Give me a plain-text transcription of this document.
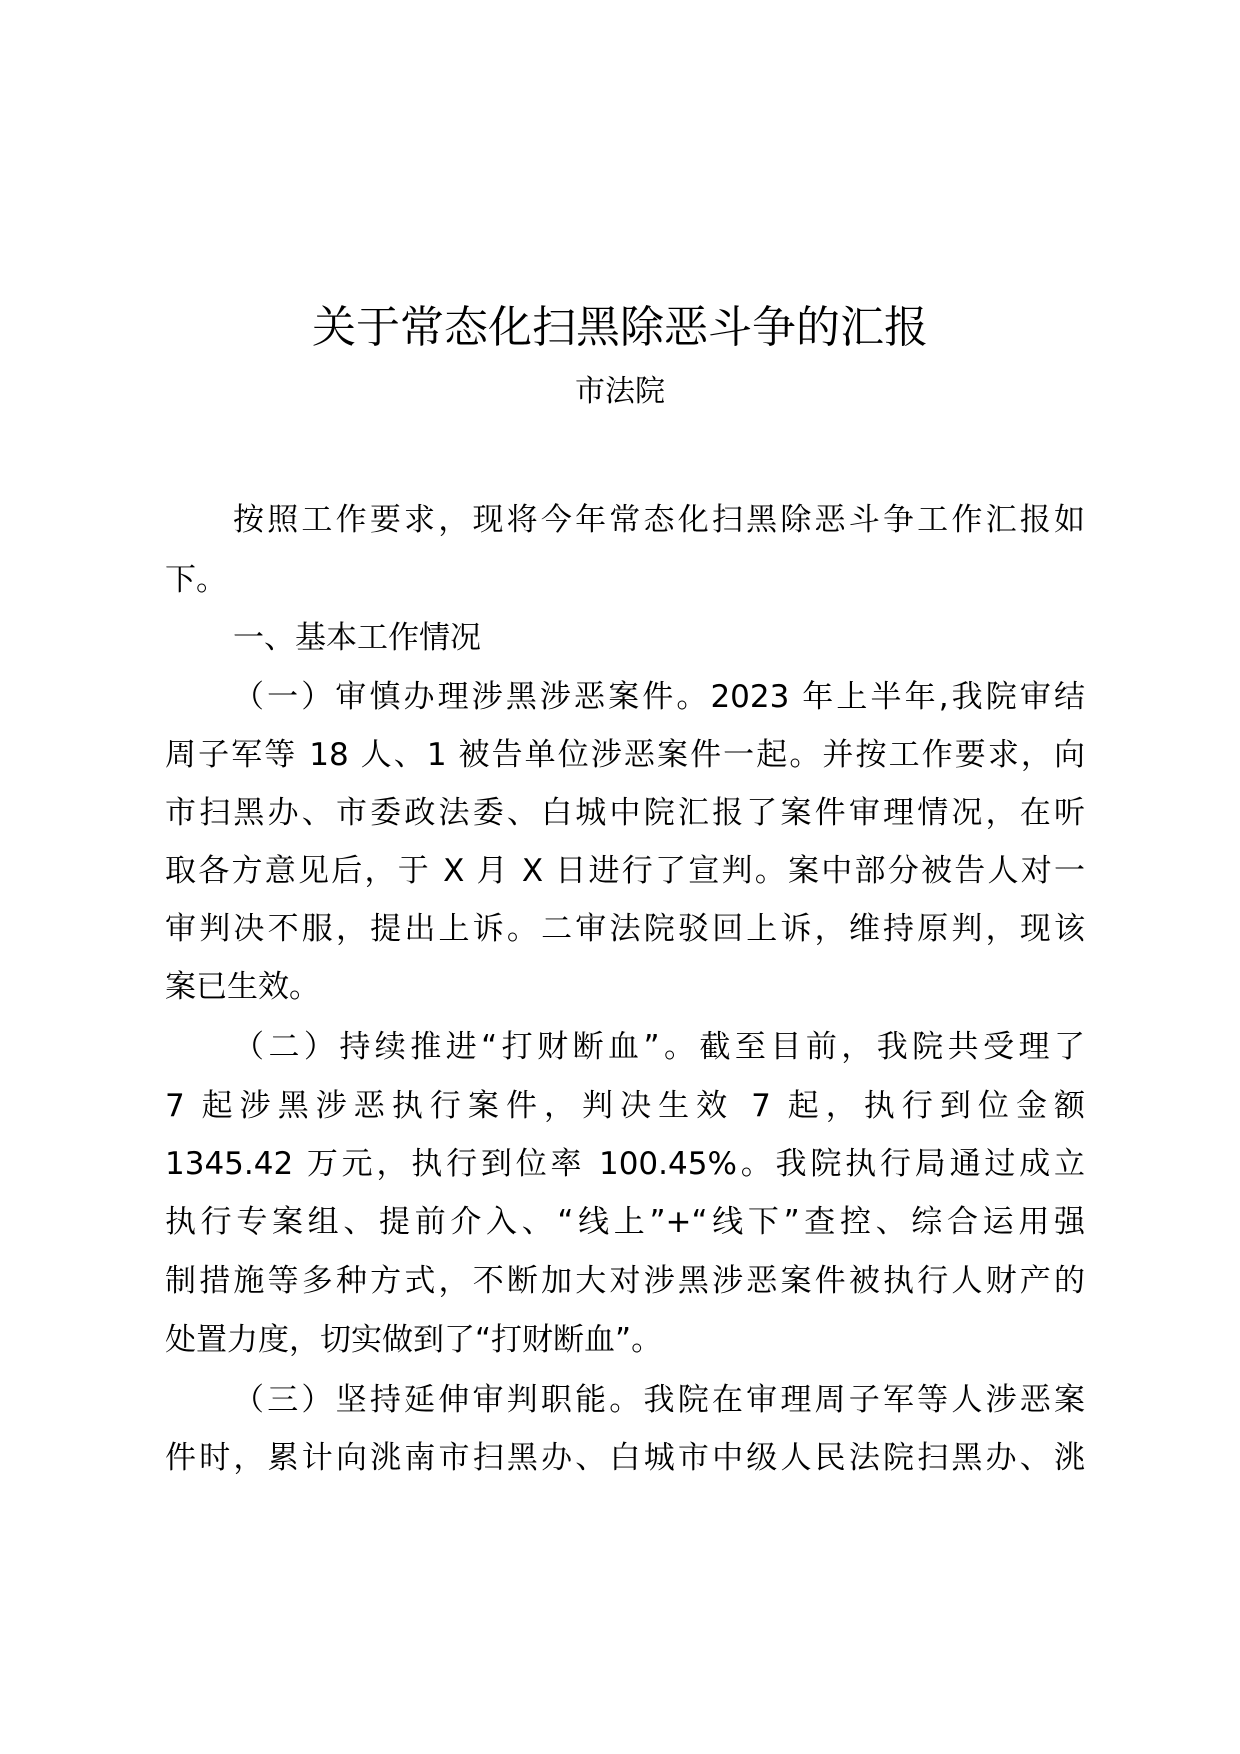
关于常态化扫黑除恶斗争的汇报
市法院
按照工作要求，现将今年常态化扫黑除恶斗争工作汇报如
下。
一、基本工作情况
（一）审慎办理涉黑涉恶案件。2023 年上半年,我院审结
周子军等 18 人、1 被告单位涉恶案件一起。并按工作要求，向
市扫黑办、市委政法委、白城中院汇报了案件审理情况，在听
取各方意见后，于 X 月 X 日进行了宣判。案中部分被告人对一
审判决不服，提出上诉。二审法院驳回上诉，维持原判，现该
案已生效。
（二）持续推进“打财断血”。截至目前，我院共受理了
7 起涉黑涉恶执行案件，判决生效 7 起，执行到位金额
1345.42 万元，执行到位率 100.45%。我院执行局通过成立
执行专案组、提前介入、“线上”+“线下”查控、综合运用强
制措施等多种方式，不断加大对涉黑涉恶案件被执行人财产的
处置力度，切实做到了“打财断血”。
（三）坚持延伸审判职能。我院在审理周子军等人涉恶案
件时，累计向洮南市扫黑办、白城市中级人民法院扫黑办、洮
